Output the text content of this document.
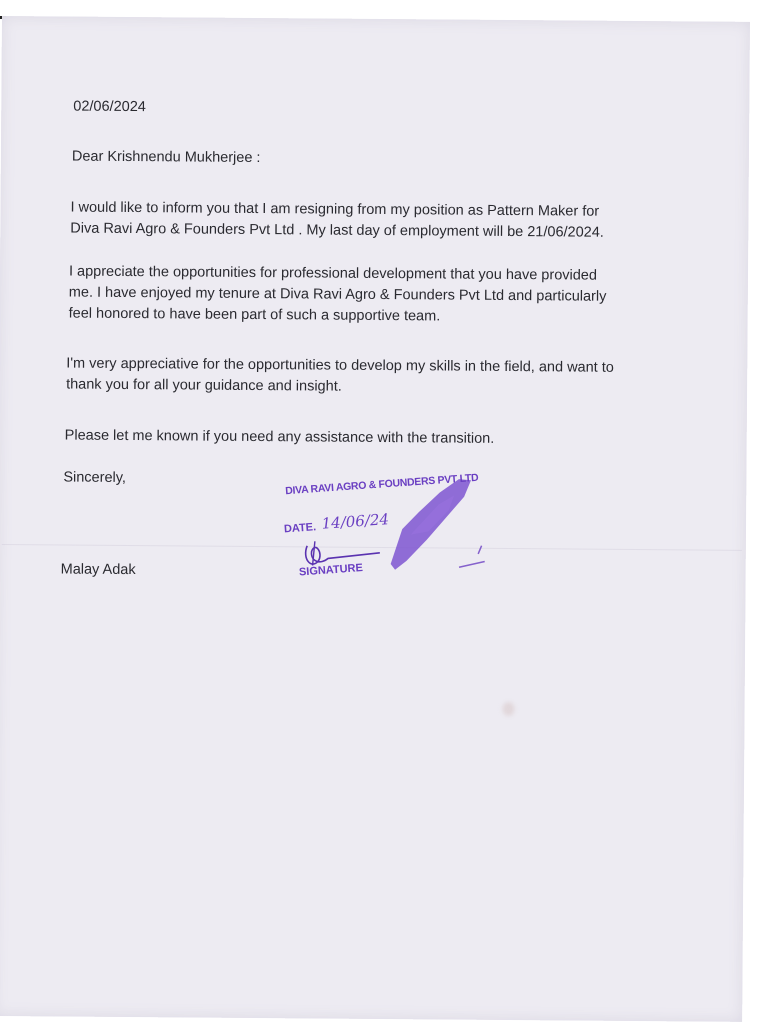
02/06/2024
Dear Krishnendu Mukherjee :
I would like to inform you that I am resigning from my position as Pattern Maker for
Diva Ravi Agro & Founders Pvt Ltd . My last day of employment will be 21/06/2024.
I appreciate the opportunities for professional development that you have provided
me. I have enjoyed my tenure at Diva Ravi Agro & Founders Pvt Ltd and particularly
feel honored to have been part of such a supportive team.
I'm very appreciative for the opportunities to develop my skills in the field, and want to
thank you for all your guidance and insight.
Please let me known if you need any assistance with the transition.
Sincerely,
Malay Adak
DIVA RAVI AGRO & FOUNDERS PVT LTD
DATE. 14/06/24
SIGNATURE
